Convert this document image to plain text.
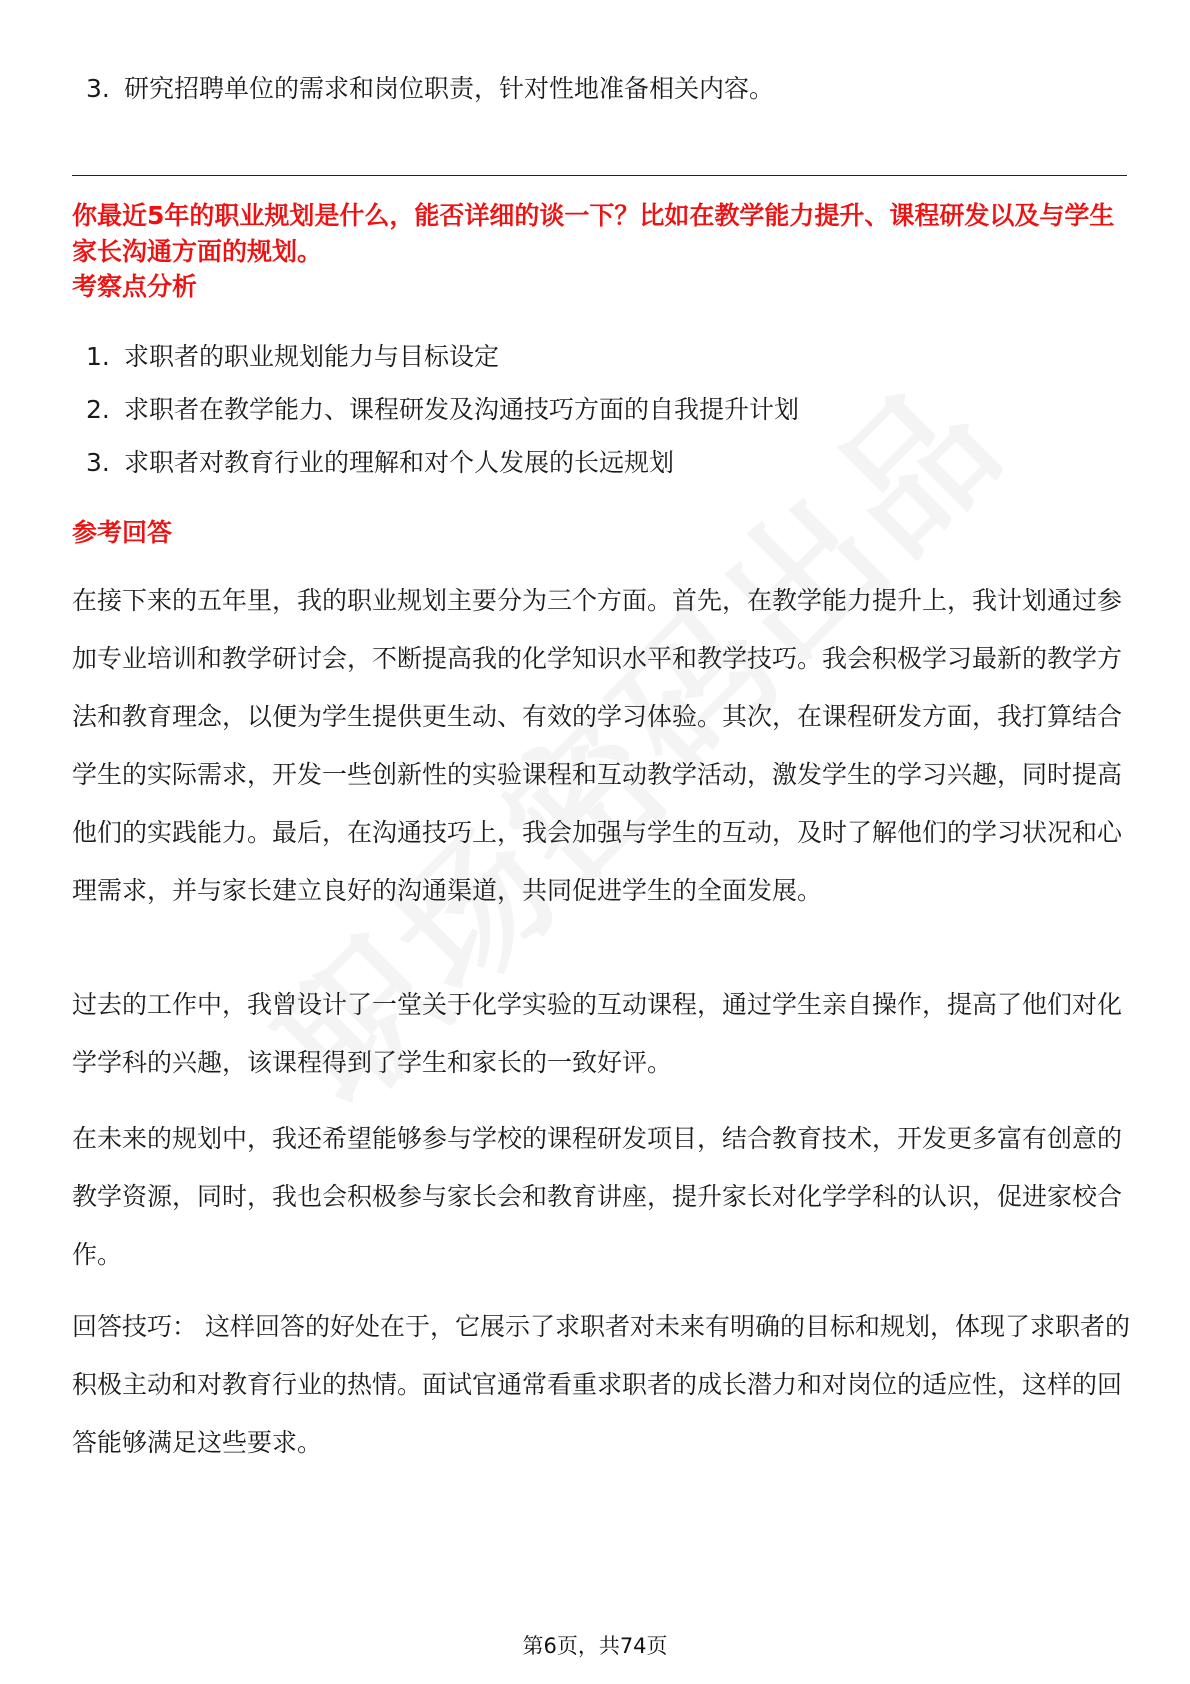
3. 研究招聘单位的需求和岗位职责，针对性地准备相关内容。
你最近5年的职业规划是什么，能否详细的谈一下？比如在教学能力提升、课程研发以及与学生家长沟通方面的规划。
考察点分析
1. 求职者的职业规划能力与目标设定
2. 求职者在教学能力、课程研发及沟通技巧方面的自我提升计划
3. 求职者对教育行业的理解和对个人发展的长远规划
参考回答
在接下来的五年里，我的职业规划主要分为三个方面。首先，在教学能力提升上，我计划通过参加专业培训和教学研讨会，不断提高我的化学知识水平和教学技巧。我会积极学习最新的教学方法和教育理念，以便为学生提供更生动、有效的学习体验。其次，在课程研发方面，我打算结合学生的实际需求，开发一些创新性的实验课程和互动教学活动，激发学生的学习兴趣，同时提高他们的实践能力。最后，在沟通技巧上，我会加强与学生的互动，及时了解他们的学习状况和心理需求，并与家长建立良好的沟通渠道，共同促进学生的全面发展。
过去的工作中，我曾设计了一堂关于化学实验的互动课程，通过学生亲自操作，提高了他们对化学学科的兴趣，该课程得到了学生和家长的一致好评。
在未来的规划中，我还希望能够参与学校的课程研发项目，结合教育技术，开发更多富有创意的教学资源，同时，我也会积极参与家长会和教育讲座，提升家长对化学学科的认识，促进家校合作。
回答技巧： 这样回答的好处在于，它展示了求职者对未来有明确的目标和规划，体现了求职者的积极主动和对教育行业的热情。面试官通常看重求职者的成长潜力和对岗位的适应性，这样的回答能够满足这些要求。
第6页，共74页
